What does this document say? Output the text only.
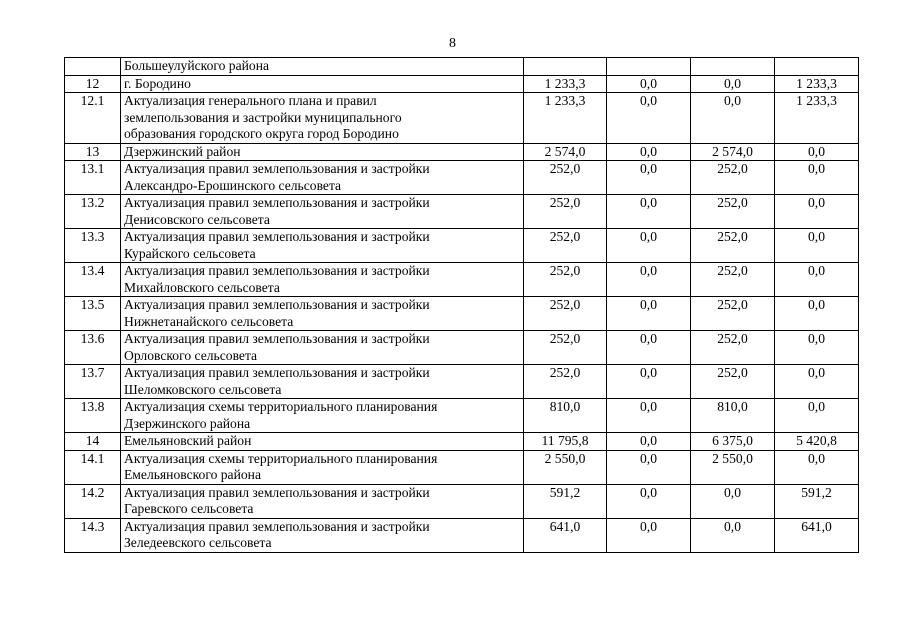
8

	Большеулуйского района				

12	г. Бородино	1 233,3	0,0	0,0	1 233,3
12.1	Актуализация генерального плана и правил
землепользования и застройки муниципального
образования городского округа город Бородино	1 233,3	0,0	0,0	1 233,3
13	Дзержинский район	2 574,0	0,0	2 574,0	0,0
13.1	Актуализация правил землепользования и застройки
Александро-Ерошинского сельсовета	252,0	0,0	252,0	0,0
13.2	Актуализация правил землепользования и застройки
Денисовского сельсовета	252,0	0,0	252,0	0,0
13.3	Актуализация правил землепользования и застройки
Курайского сельсовета	252,0	0,0	252,0	0,0
13.4	Актуализация правил землепользования и застройки
Михайловского сельсовета	252,0	0,0	252,0	0,0
13.5	Актуализация правил землепользования и застройки
Нижнетанайского сельсовета	252,0	0,0	252,0	0,0
13.6	Актуализация правил землепользования и застройки
Орловского сельсовета	252,0	0,0	252,0	0,0
13.7	Актуализация правил землепользования и застройки
Шеломковского сельсовета	252,0	0,0	252,0	0,0
13.8	Актуализация схемы территориального планирования
Дзержинского района	810,0	0,0	810,0	0,0
14	Емельяновский район	11 795,8	0,0	6 375,0	5 420,8
14.1	Актуализация схемы территориального планирования
Емельяновского района	2 550,0	0,0	2 550,0	0,0
14.2	Актуализация правил землепользования и застройки
Гаревского сельсовета	591,2	0,0	0,0	591,2
14.3	Актуализация правил землепользования и застройки
Зеледеевского сельсовета	641,0	0,0	0,0	641,0
